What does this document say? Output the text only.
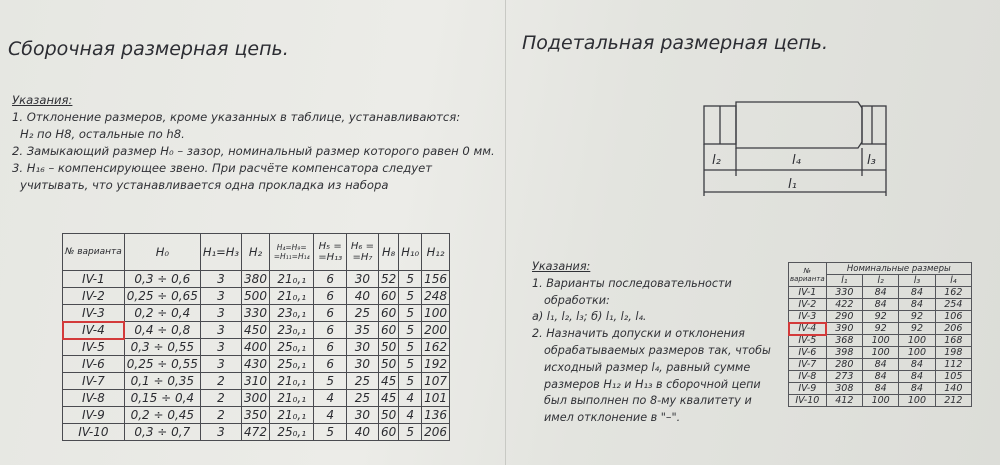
Сборочная размерная цепь.
Указания:
1. Отклонение размеров, кроме указанных в таблице, устанавливаются:
H₂ по H8, остальные по h8.
2. Замыкающий размер H₀ – зазор, номинальный размер которого равен 0 мм.
3. H₁₆ – компенсирующее звено. При расчёте компенсатора следует
учитывать, что устанавливается одна прокладка из набора
№ варианта	H₀	H₁=H₃	H₂	H₄=H₉= =H₁₁=H₁₄	H₅ = =H₁₃	H₆ = =H₇	H₈	H₁₀	H₁₂
IV-1	0,3 ÷ 0,6	3	380	21₀,₁	6	30	52	5	156
IV-2	0,25 ÷ 0,65	3	500	21₀,₁	6	40	60	5	248
IV-3	0,2 ÷ 0,4	3	330	23₀,₁	6	25	60	5	100
IV-4	0,4 ÷ 0,8	3	450	23₀,₁	6	35	60	5	200
IV-5	0,3 ÷ 0,55	3	400	25₀,₁	6	30	50	5	162
IV-6	0,25 ÷ 0,55	3	430	25₀,₁	6	30	50	5	192
IV-7	0,1 ÷ 0,35	2	310	21₀,₁	5	25	45	5	107
IV-8	0,15 ÷ 0,4	2	300	21₀,₁	4	25	45	4	101
IV-9	0,2 ÷ 0,45	2	350	21₀,₁	4	30	50	4	136
IV-10	0,3 ÷ 0,7	3	472	25₀,₁	5	40	60	5	206
Подетальная размерная цепь.
l₂	l₄	l₃
l₁
Указания:
1. Варианты последовательности
обработки:
а) l₁, l₂, l₃; б) l₁, l₂, l₄.
2. Назначить допуски и отклонения
обрабатываемых размеров так, чтобы
исходный размер l₄, равный сумме
размеров H₁₂ и H₁₃ в сборочной цепи
был выполнен по 8-му квалитету и
имел отклонение в "–".
№ варианта	Номинальные размеры			
	l₁	l₂	l₃	l₄
IV-1	330	84	84	162
IV-2	422	84	84	254
IV-3	290	92	92	106
IV-4	390	92	92	206
IV-5	368	100	100	168
IV-6	398	100	100	198
IV-7	280	84	84	112
IV-8	273	84	84	105
IV-9	308	84	84	140
IV-10	412	100	100	212
